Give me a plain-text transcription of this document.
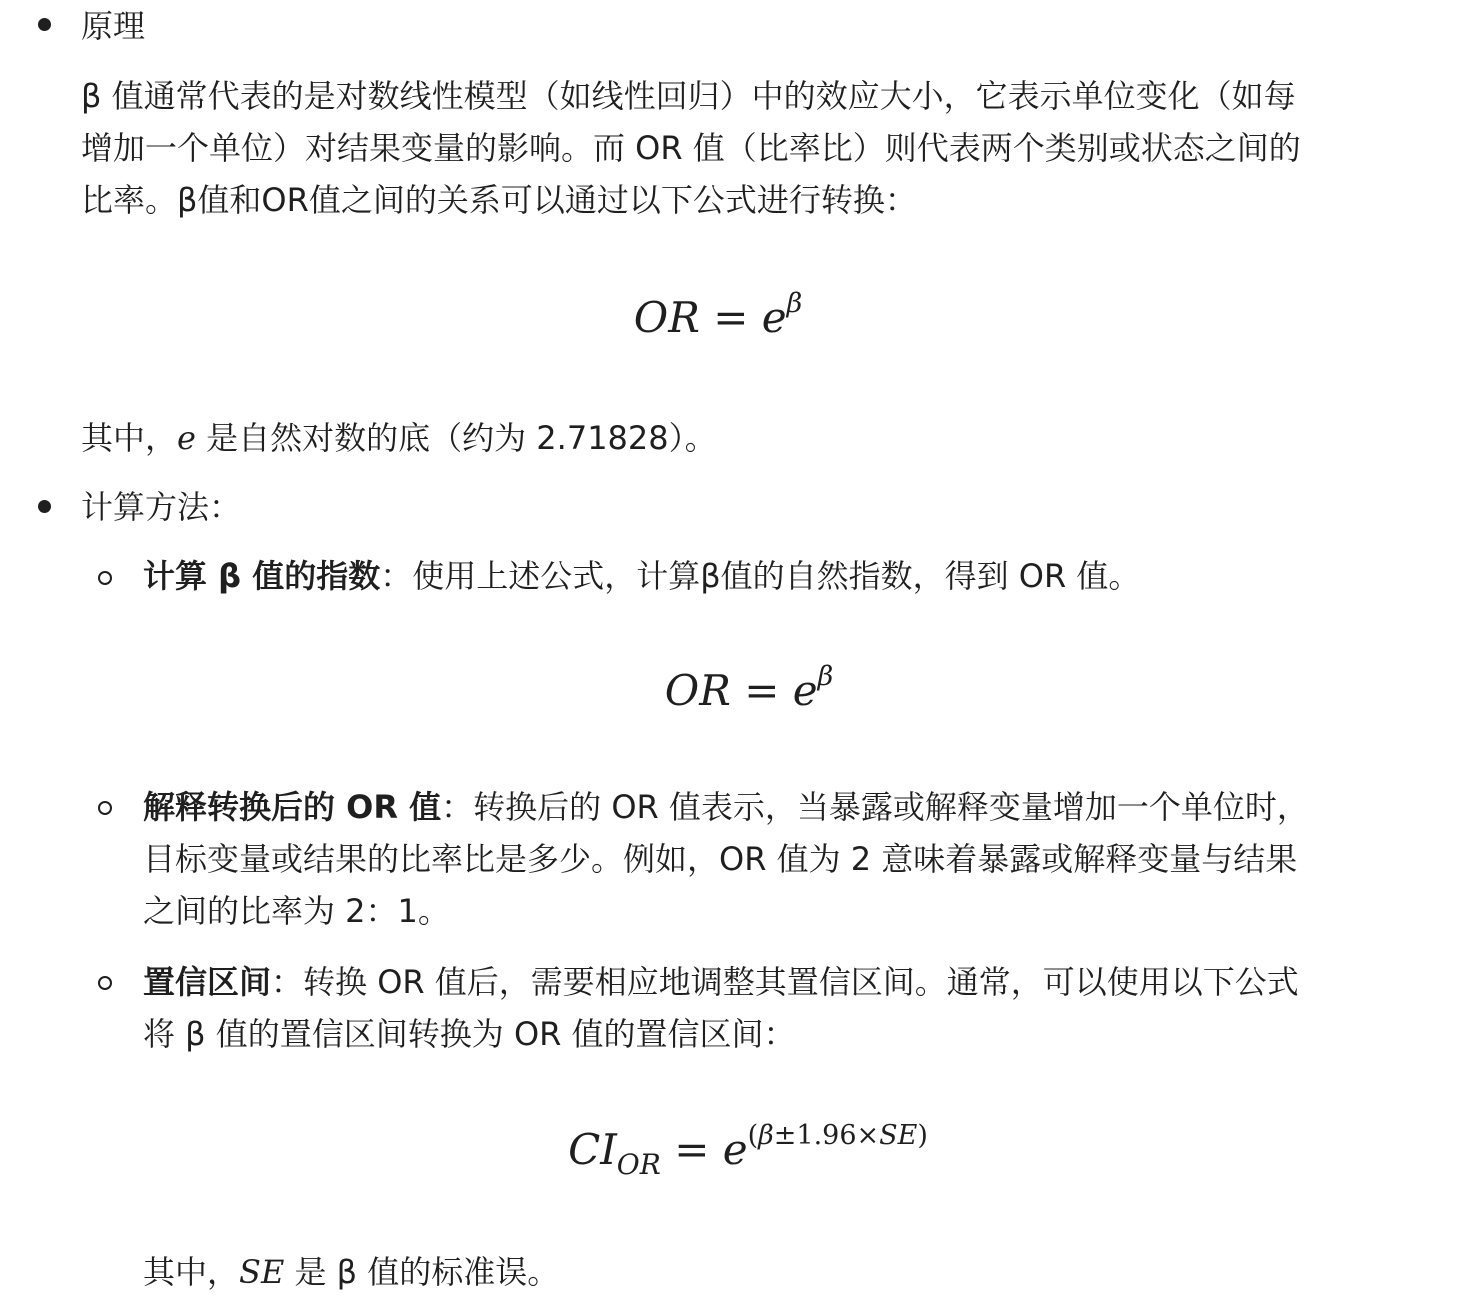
原理
β 值通常代表的是对数线性模型（如线性回归）中的效应大小，它表示单位变化（如每
增加一个单位）对结果变量的影响。而 OR 值（比率比）则代表两个类别或状态之间的
比率。β值和OR值之间的关系可以通过以下公式进行转换：
OR = $e^\beta$
其中，e 是自然对数的底（约为 2.71828）。
计算方法：
计算 β 值的指数：使用上述公式，计算β值的自然指数，得到 OR 值。
OR = $e^\beta$
解释转换后的 OR 值：转换后的 OR 值表示，当暴露或解释变量增加一个单位时，
目标变量或结果的比率比是多少。例如，OR 值为 2 意味着暴露或解释变量与结果
之间的比率为 2：1。
置信区间：转换 OR 值后，需要相应地调整其置信区间。通常，可以使用以下公式
将 β 值的置信区间转换为 OR 值的置信区间：
$CI_{OR} = e^{(\beta\pm 1.96\times SE)}$
其中，SE 是 β 值的标准误。
